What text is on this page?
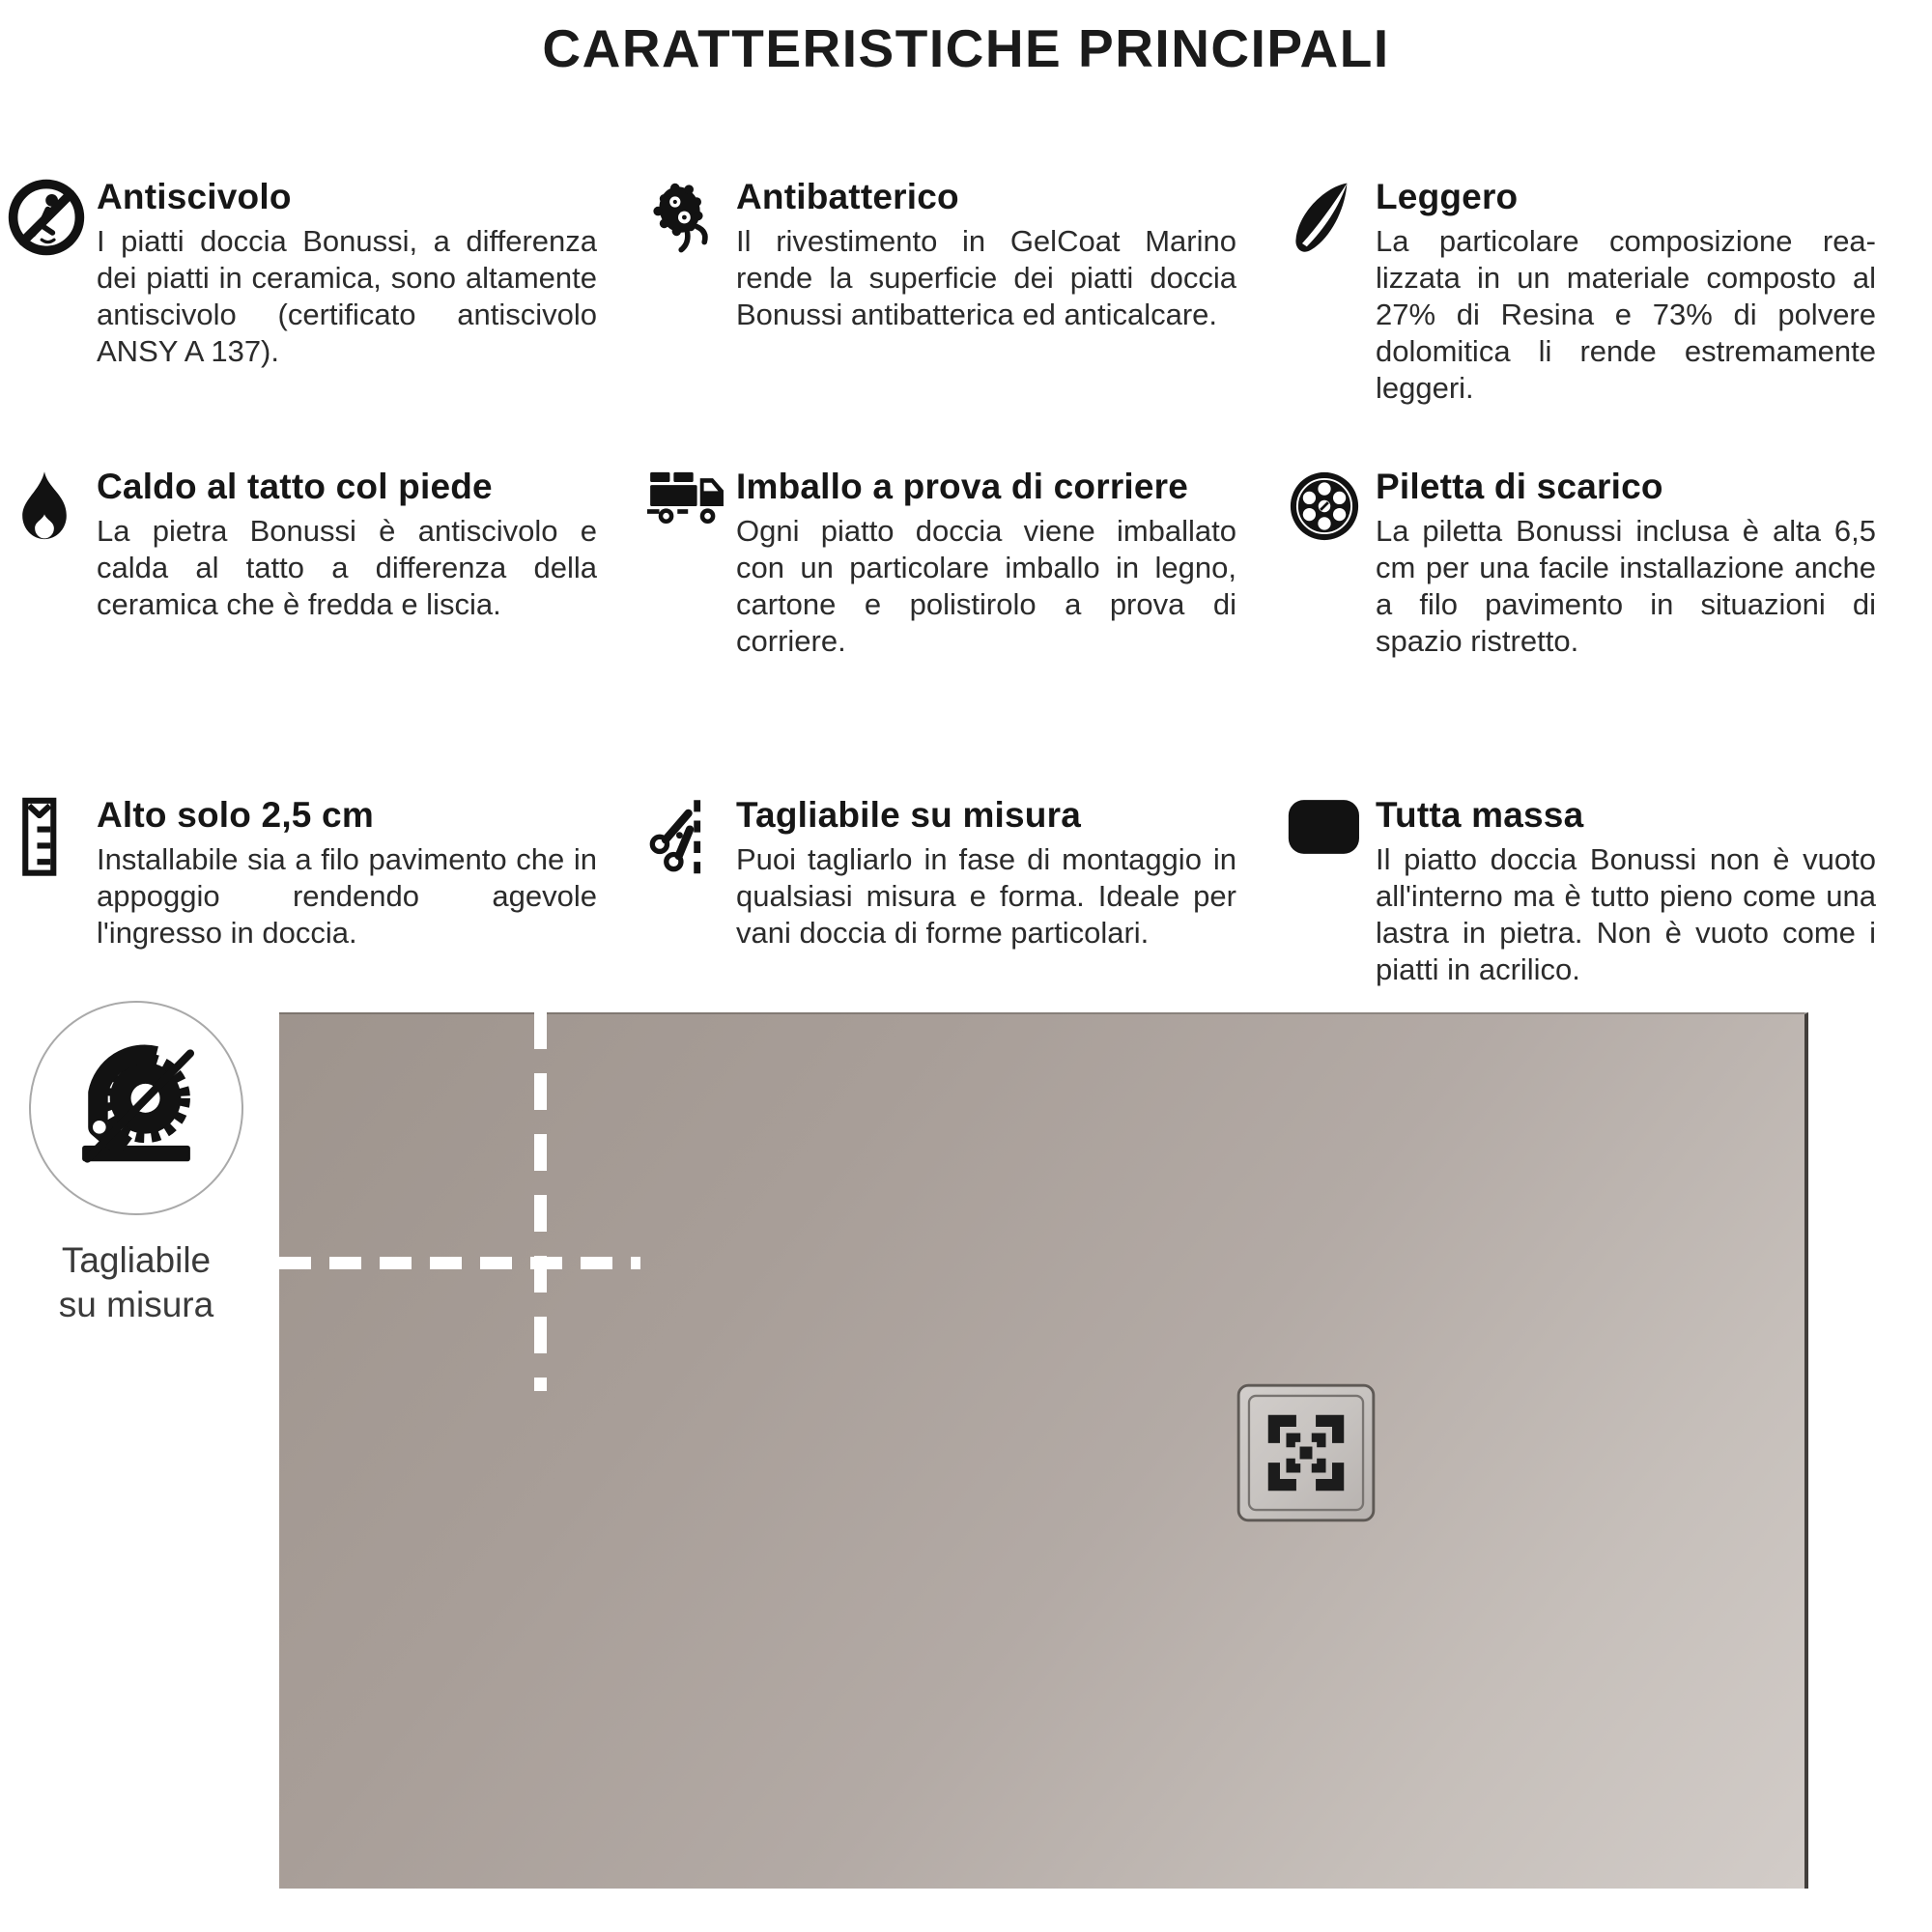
CARATTERISTICHE PRINCIPALI
Antiscivolo

I piatti doccia Bonussi, a differenza dei piatti in ceramica, sono altamente antiscivolo (certificato antiscivolo ANSY A 137).

Antibatterico

Il rivestimento in GelCoat Marino rende la superficie dei piatti doccia Bonussi antibatterica ed anticalcare.

Leggero

La particolare composizione realizzata in un materiale composto al 27% di Resina e 73% di polvere dolomitica li rende estremamente leggeri.

Caldo al tatto col piede

La pietra Bonussi è antiscivolo e calda al tatto a differenza della ceramica che è fredda e liscia.

Imballo a prova di corriere

Ogni piatto doccia viene imballato con un particolare imballo in legno, cartone e polistirolo a prova di corriere.

Piletta di scarico

La piletta Bonussi inclusa è alta 6,5 cm per una facile installazione anche a filo pavimento in situazioni di spazio ristretto.

Alto solo 2,5 cm

Installabile sia a filo pavimento che in appoggio rendendo agevole l'ingresso in doccia.

Tagliabile su misura

Puoi tagliarlo in fase di montaggio in qualsiasi misura e forma. Ideale per vani doccia di forme particolari.

Tutta massa

Il piatto doccia Bonussi non è vuoto all'interno ma è tutto pieno come una lastra in pietra. Non è vuoto come i piatti in acrilico.

Tagliabile
su misura
